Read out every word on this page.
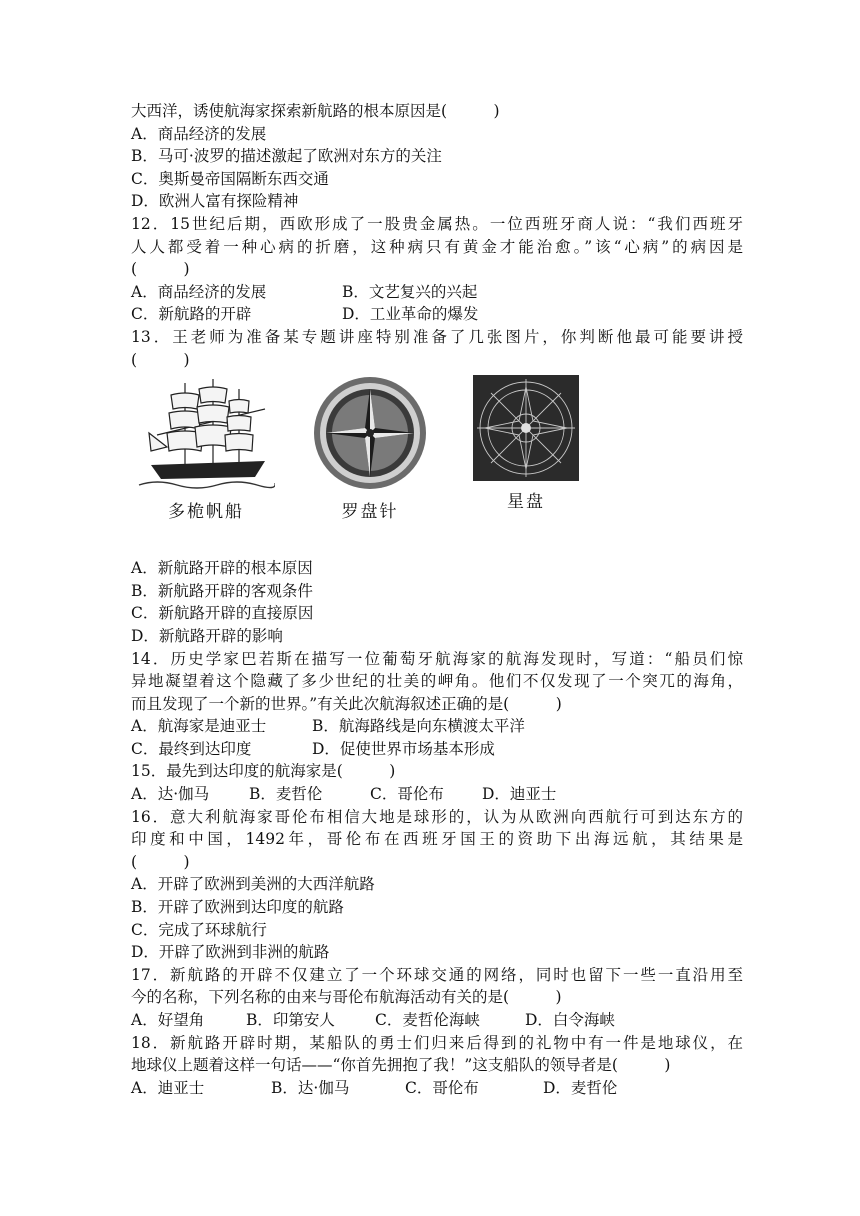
大西洋，诱使航海家探索新航路的根本原因是(　　　)
A．商品经济的发展
B．马可·波罗的描述激起了欧洲对东方的关注
C．奥斯曼帝国隔断东西交通
D．欧洲人富有探险精神
12．15世纪后期，西欧形成了一股贵金属热。一位西班牙商人说：“我们西班牙
人人都受着一种心病的折磨，这种病只有黄金才能治愈。”该“心病”的病因是
(　　　)
A．商品经济的发展	B．文艺复兴的兴起
C．新航路的开辟	D．工业革命的爆发
13．王老师为准备某专题讲座特别准备了几张图片，你判断他最可能要讲授
(　　　)
多桅帆船	罗盘针	星盘
A．新航路开辟的根本原因
B．新航路开辟的客观条件
C．新航路开辟的直接原因
D．新航路开辟的影响
14．历史学家巴若斯在描写一位葡萄牙航海家的航海发现时，写道：“船员们惊
异地凝望着这个隐藏了多少世纪的壮美的岬角。他们不仅发现了一个突兀的海角，
而且发现了一个新的世界。”有关此次航海叙述正确的是(　　　)
A．航海家是迪亚士	B．航海路线是向东横渡太平洋
C．最终到达印度	D．促使世界市场基本形成
15．最先到达印度的航海家是(　　　)
A．达·伽马	B．麦哲伦	C．哥伦布	D．迪亚士
16．意大利航海家哥伦布相信大地是球形的，认为从欧洲向西航行可到达东方的
印度和中国，1492年，哥伦布在西班牙国王的资助下出海远航，其结果是
(　　　)
A．开辟了欧洲到美洲的大西洋航路
B．开辟了欧洲到达印度的航路
C．完成了环球航行
D．开辟了欧洲到非洲的航路
17．新航路的开辟不仅建立了一个环球交通的网络，同时也留下一些一直沿用至
今的名称，下列名称的由来与哥伦布航海活动有关的是(　　　)
A．好望角	B．印第安人	C．麦哲伦海峡	D．白令海峡
18．新航路开辟时期，某船队的勇士们归来后得到的礼物中有一件是地球仪，在
地球仪上题着这样一句话——“你首先拥抱了我！”这支船队的领导者是(　　　)
A．迪亚士	B．达·伽马	C．哥伦布	D．麦哲伦
